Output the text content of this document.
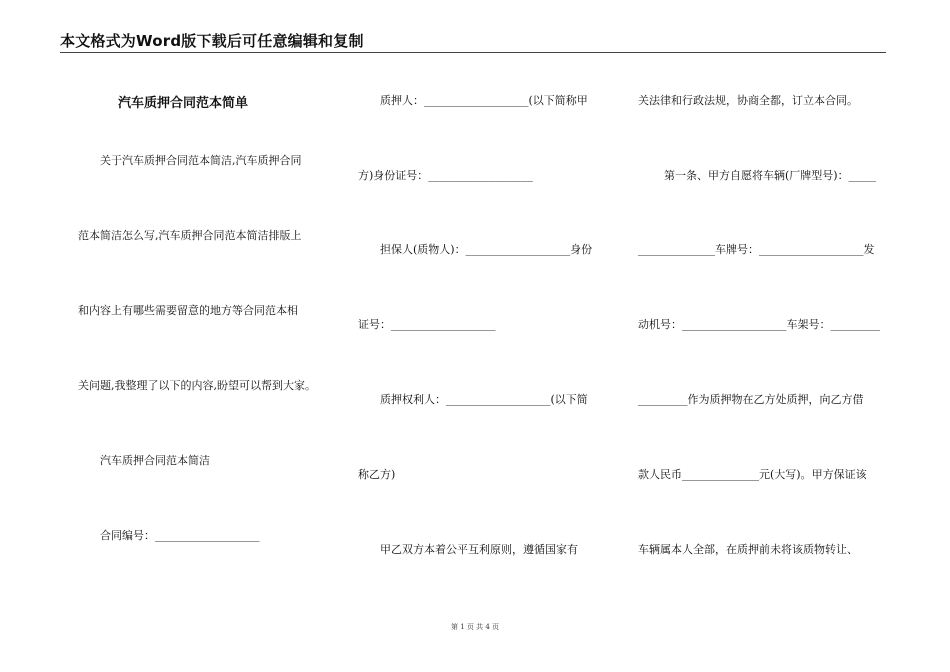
本文格式为Word版下载后可任意编辑和复制
汽车质押合同范本简单
关于汽车质押合同范本简洁,汽车质押合同
范本简洁怎么写,汽车质押合同范本简洁排版上
和内容上有哪些需要留意的地方等合同范本相
关问题,我整理了以下的内容,盼望可以帮到大家。
汽车质押合同范本简洁
合同编号：___________________
质押人：___________________(以下简称甲
方)身份证号：___________________
担保人(质物人)：___________________身份
证号：___________________
质押权利人：___________________(以下简
称乙方)
甲乙双方本着公平互利原则，遵循国家有
关法律和行政法规，协商全都，订立本合同。
第一条、甲方自愿将车辆(厂牌型号)：_____
______________车牌号：___________________发
动机号：___________________车架号：_________
_________作为质押物在乙方处质押，向乙方借
款人民币______________元(大写)。甲方保证该
车辆属本人全部，在质押前未将该质物转让、
第 1 页 共 4 页
